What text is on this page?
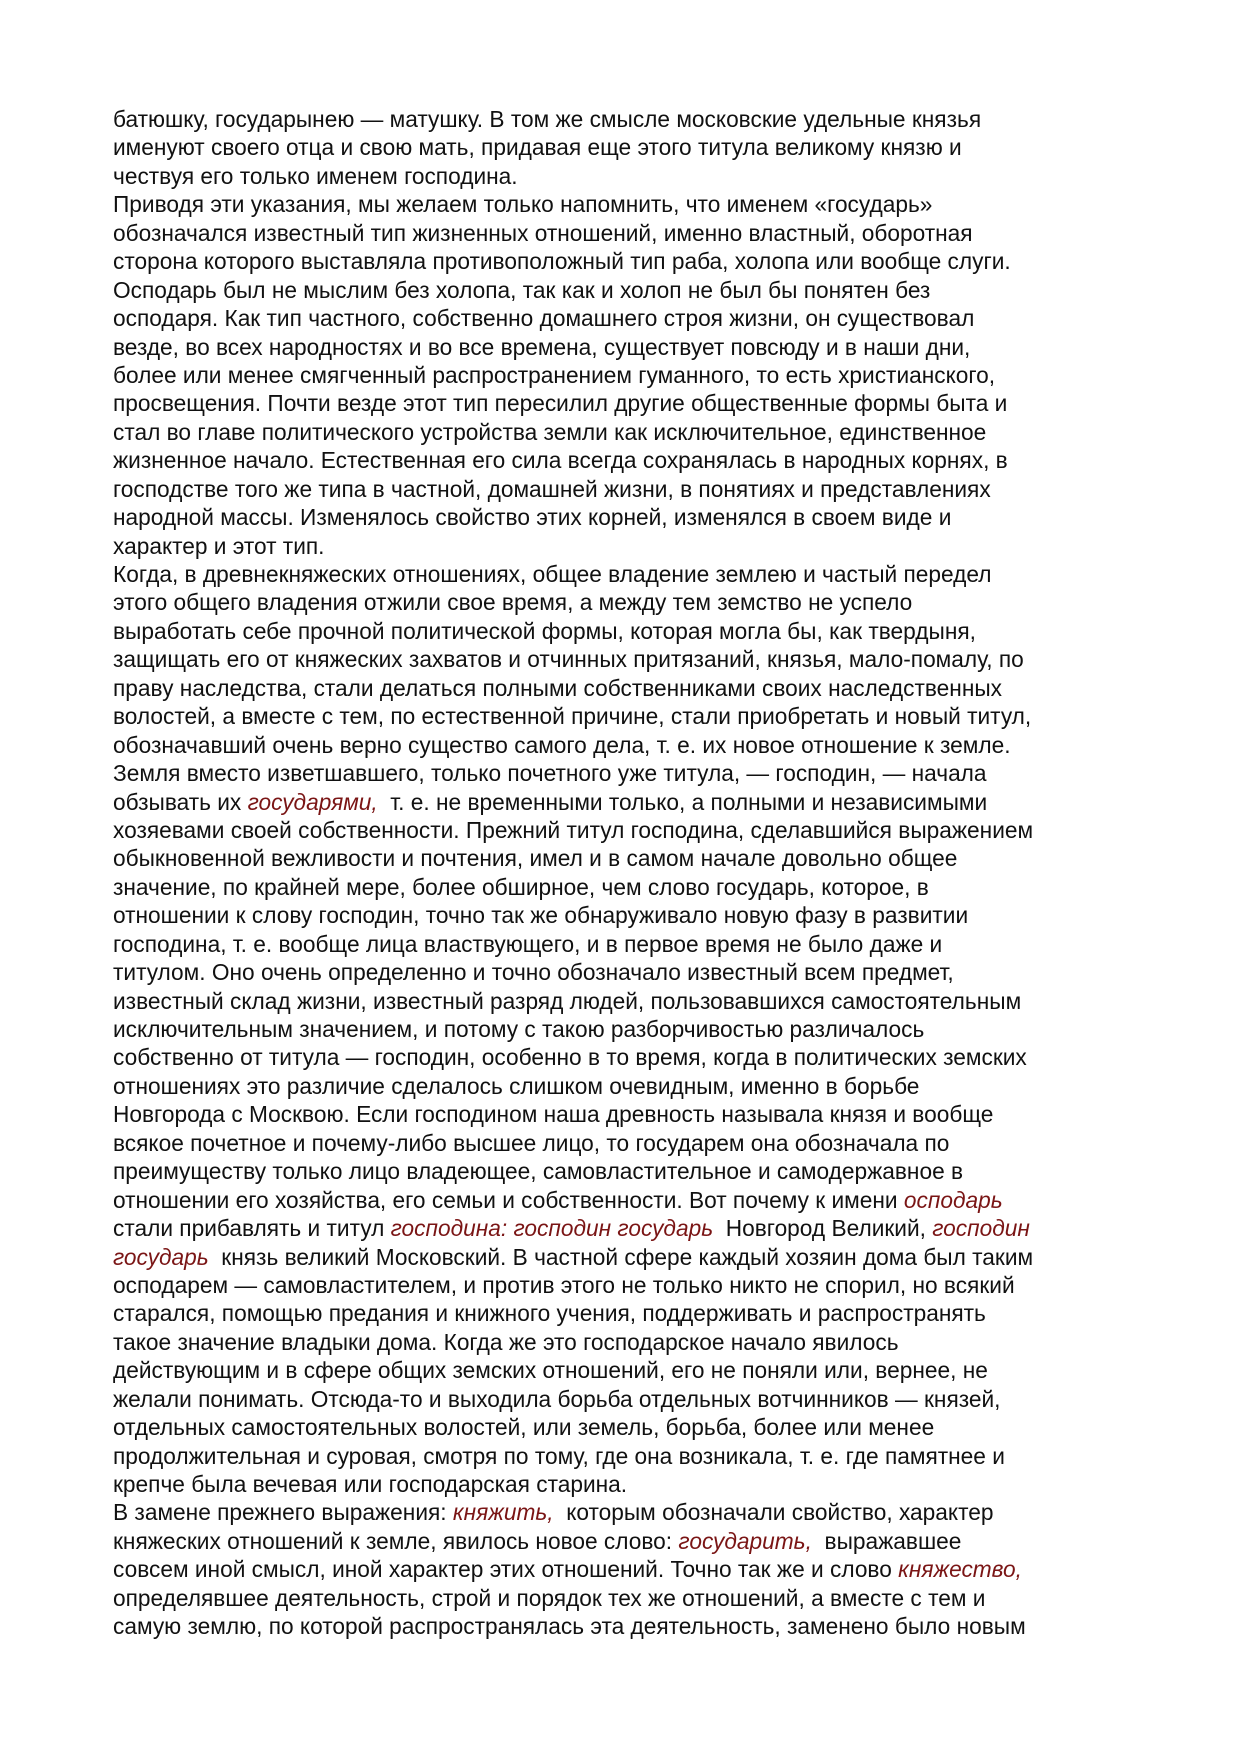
батюшку, государынею — матушку. В том же смысле московские удельные князья
именуют своего отца и свою мать, придавая еще этого титула великому князю и
чествуя его только именем господина.
Приводя эти указания, мы желаем только напомнить, что именем «государь»
обозначался известный тип жизненных отношений, именно властный, оборотная
сторона которого выставляла противоположный тип раба, холопа или вообще слуги.
Осподарь был не мыслим без холопа, так как и холоп не был бы понятен без
осподаря. Как тип частного, собственно домашнего строя жизни, он существовал
везде, во всех народностях и во все времена, существует повсюду и в наши дни,
более или менее смягченный распространением гуманного, то есть христианского,
просвещения. Почти везде этот тип пересилил другие общественные формы быта и
стал во главе политического устройства земли как исключительное, единственное
жизненное начало. Естественная его сила всегда сохранялась в народных корнях, в
господстве того же типа в частной, домашней жизни, в понятиях и представлениях
народной массы. Изменялось свойство этих корней, изменялся в своем виде и
характер и этот тип.
Когда, в древнекняжеских отношениях, общее владение землею и частый передел
этого общего владения отжили свое время, а между тем земство не успело
выработать себе прочной политической формы, которая могла бы, как твердыня,
защищать его от княжеских захватов и отчинных притязаний, князья, мало-помалу, по
праву наследства, стали делаться полными собственниками своих наследственных
волостей, а вместе с тем, по естественной причине, стали приобретать и новый титул,
обозначавший очень верно существо самого дела, т. е. их новое отношение к земле.
Земля вместо изветшавшего, только почетного уже титула, — господин, — начала
обзывать их государями,  т. е. не временными только, а полными и независимыми
хозяевами своей собственности. Прежний титул господина, сделавшийся выражением
обыкновенной вежливости и почтения, имел и в самом начале довольно общее
значение, по крайней мере, более обширное, чем слово государь, которое, в
отношении к слову господин, точно так же обнаруживало новую фазу в развитии
господина, т. е. вообще лица властвующего, и в первое время не было даже и
титулом. Оно очень определенно и точно обозначало известный всем предмет,
известный склад жизни, известный разряд людей, пользовавшихся самостоятельным
исключительным значением, и потому с такою разборчивостью различалось
собственно от титула — господин, особенно в то время, когда в политических земских
отношениях это различие сделалось слишком очевидным, именно в борьбе
Новгорода с Москвою. Если господином наша древность называла князя и вообще
всякое почетное и почему-либо высшее лицо, то государем она обозначала по
преимуществу только лицо владеющее, самовластительное и самодержавное в
отношении его хозяйства, его семьи и собственности. Вот почему к имени осподарь
стали прибавлять и титул господина: господин государь  Новгород Великий, господин
государь  князь великий Московский. В частной сфере каждый хозяин дома был таким
осподарем — самовластителем, и против этого не только никто не спорил, но всякий
старался, помощью предания и книжного учения, поддерживать и распространять
такое значение владыки дома. Когда же это господарское начало явилось
действующим и в сфере общих земских отношений, его не поняли или, вернее, не
желали понимать. Отсюда-то и выходила борьба отдельных вотчинников — князей,
отдельных самостоятельных волостей, или земель, борьба, более или менее
продолжительная и суровая, смотря по тому, где она возникала, т. е. где памятнее и
крепче была вечевая или господарская старина.
В замене прежнего выражения: княжить,  которым обозначали свойство, характер
княжеских отношений к земле, явилось новое слово: государить,  выражавшее
совсем иной смысл, иной характер этих отношений. Точно так же и слово княжество,
определявшее деятельность, строй и порядок тех же отношений, а вместе с тем и
самую землю, по которой распространялась эта деятельность, заменено было новым
